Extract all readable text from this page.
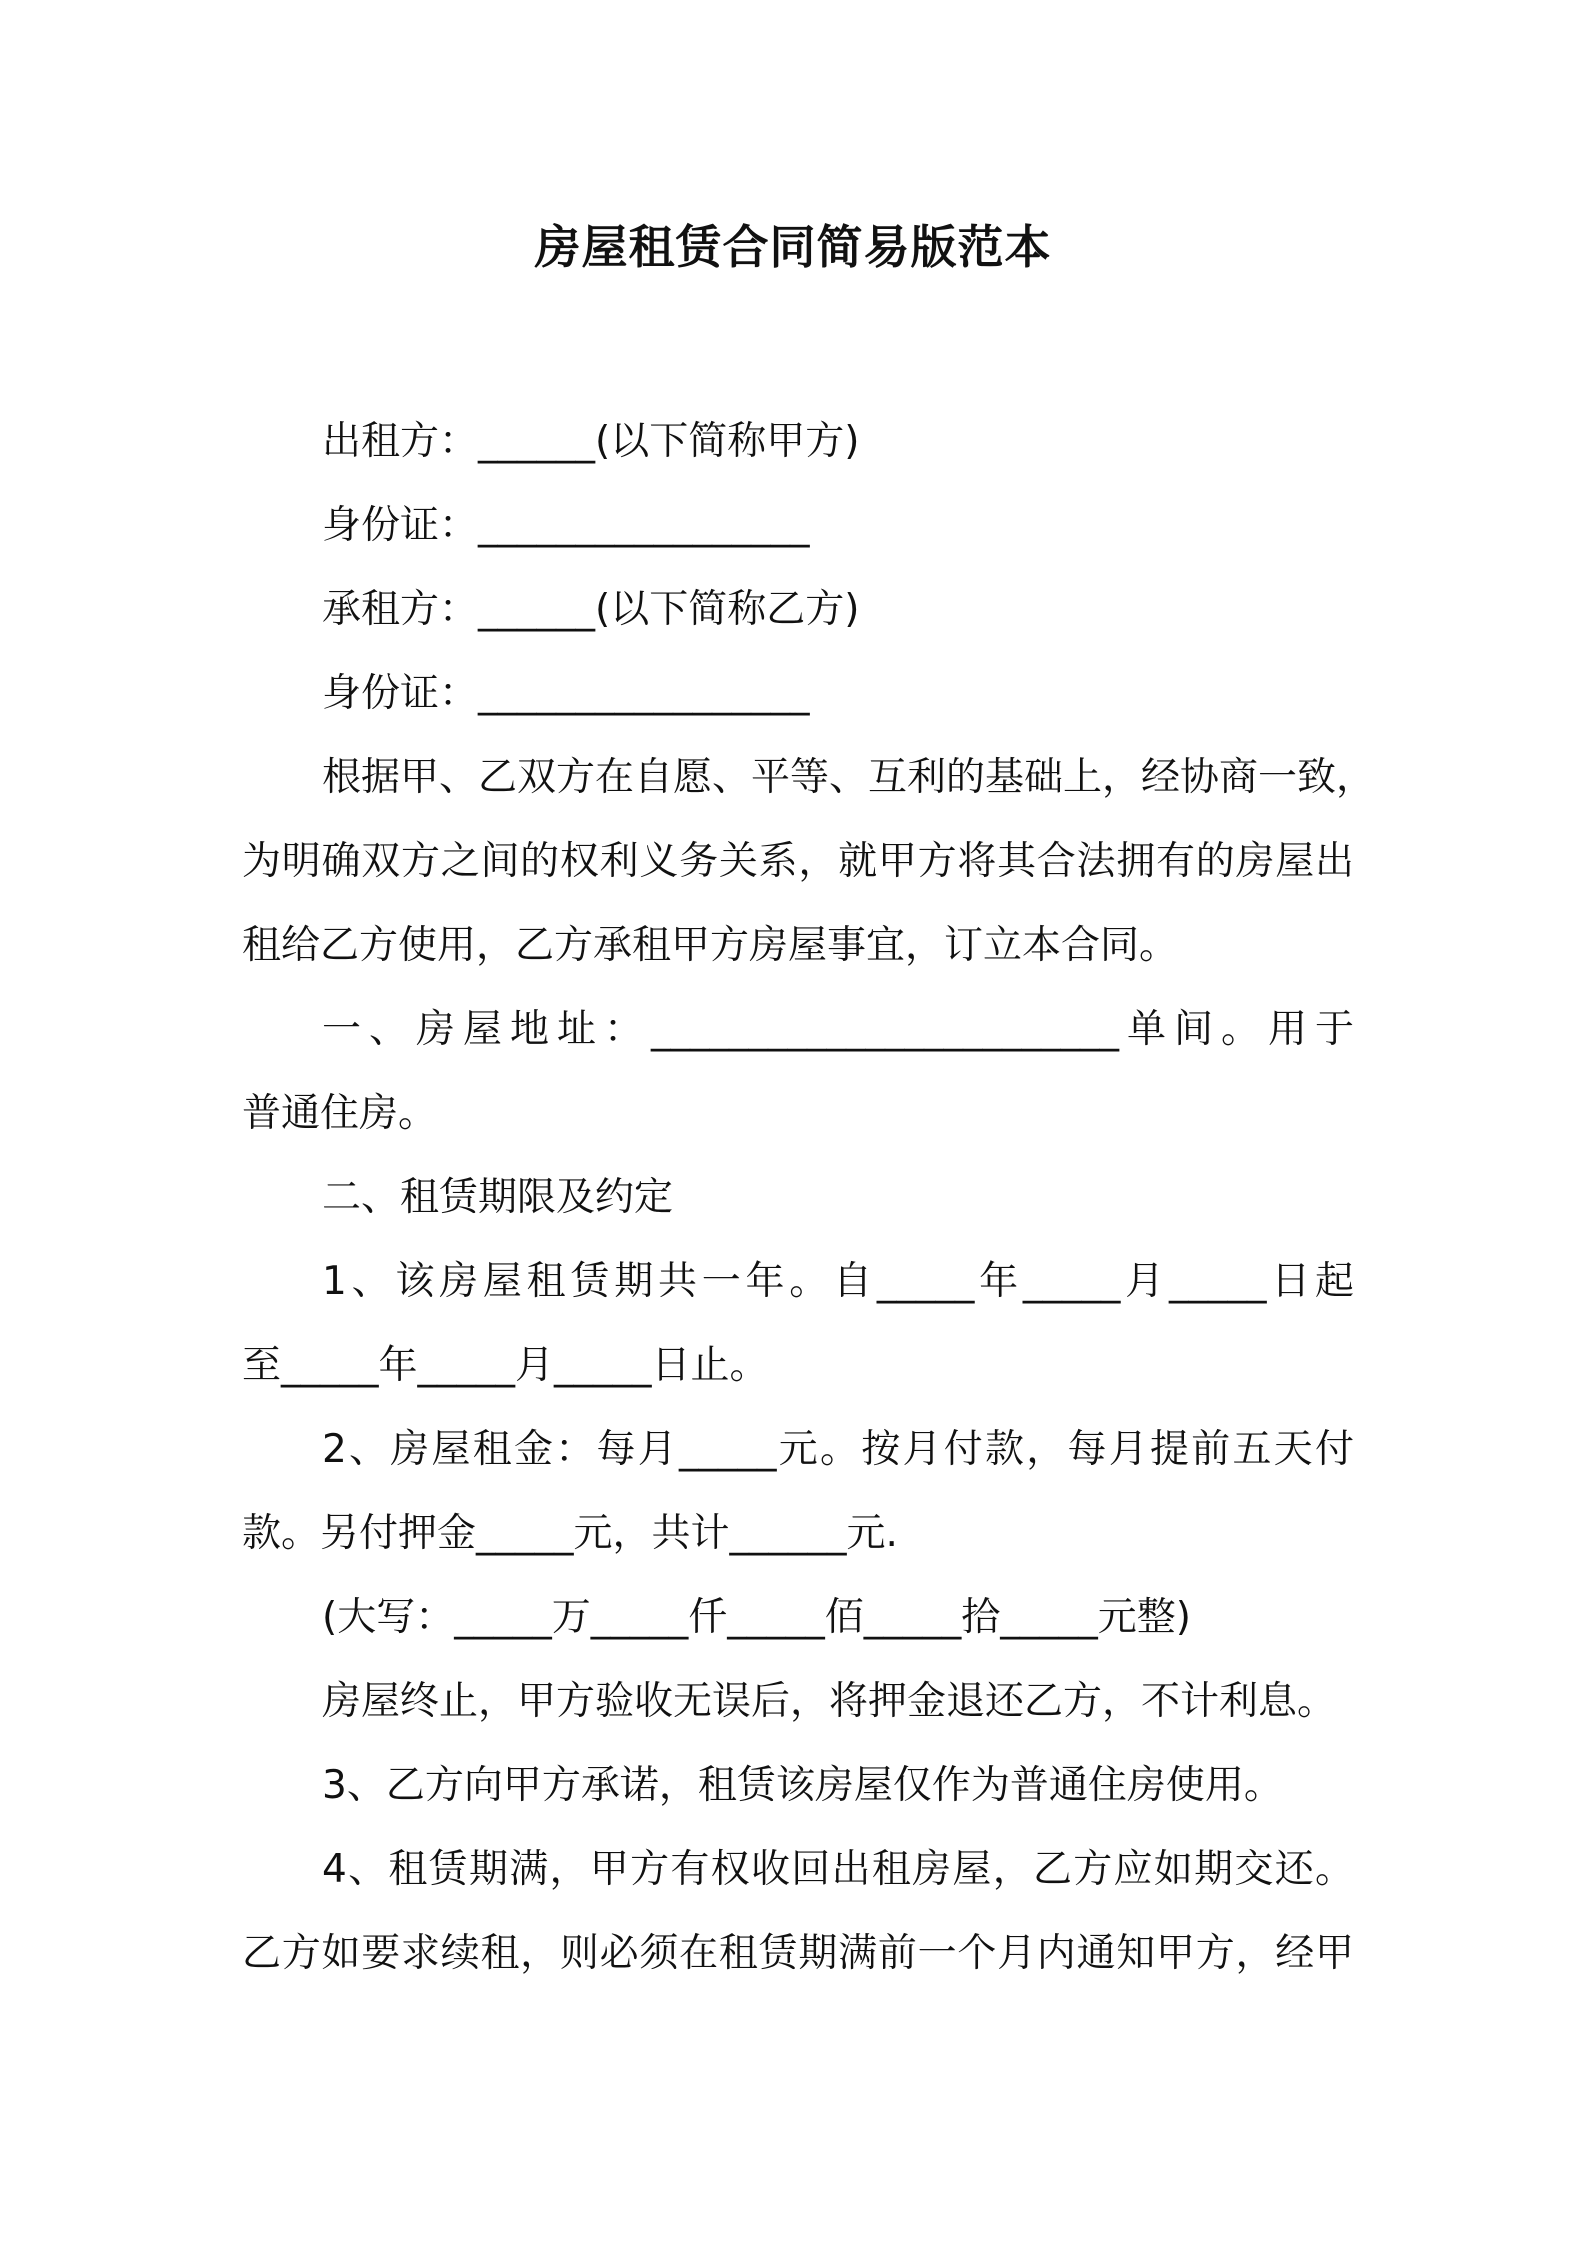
房屋租赁合同简易版范本
出租方：______(以下简称甲方)
身份证：_________________
承租方：______(以下简称乙方)
身份证：_________________
根据甲、乙双方在自愿、平等、互利的基础上，经协商一致，
为明确双方之间的权利义务关系，就甲方将其合法拥有的房屋出
租给乙方使用，乙方承租甲方房屋事宜，订立本合同。
一、房屋地址：________________________单间。用于
普通住房。
二、租赁期限及约定
1、该房屋租赁期共一年。自_____年_____月_____日起
至_____年_____月_____日止。
2、房屋租金：每月_____元。按月付款，每月提前五天付
款。另付押金_____元，共计______元.
(大写：_____万_____仟_____佰_____拾_____元整)
房屋终止，甲方验收无误后，将押金退还乙方，不计利息。
3、乙方向甲方承诺，租赁该房屋仅作为普通住房使用。
4、租赁期满，甲方有权收回出租房屋，乙方应如期交还。
乙方如要求续租，则必须在租赁期满前一个月内通知甲方，经甲
